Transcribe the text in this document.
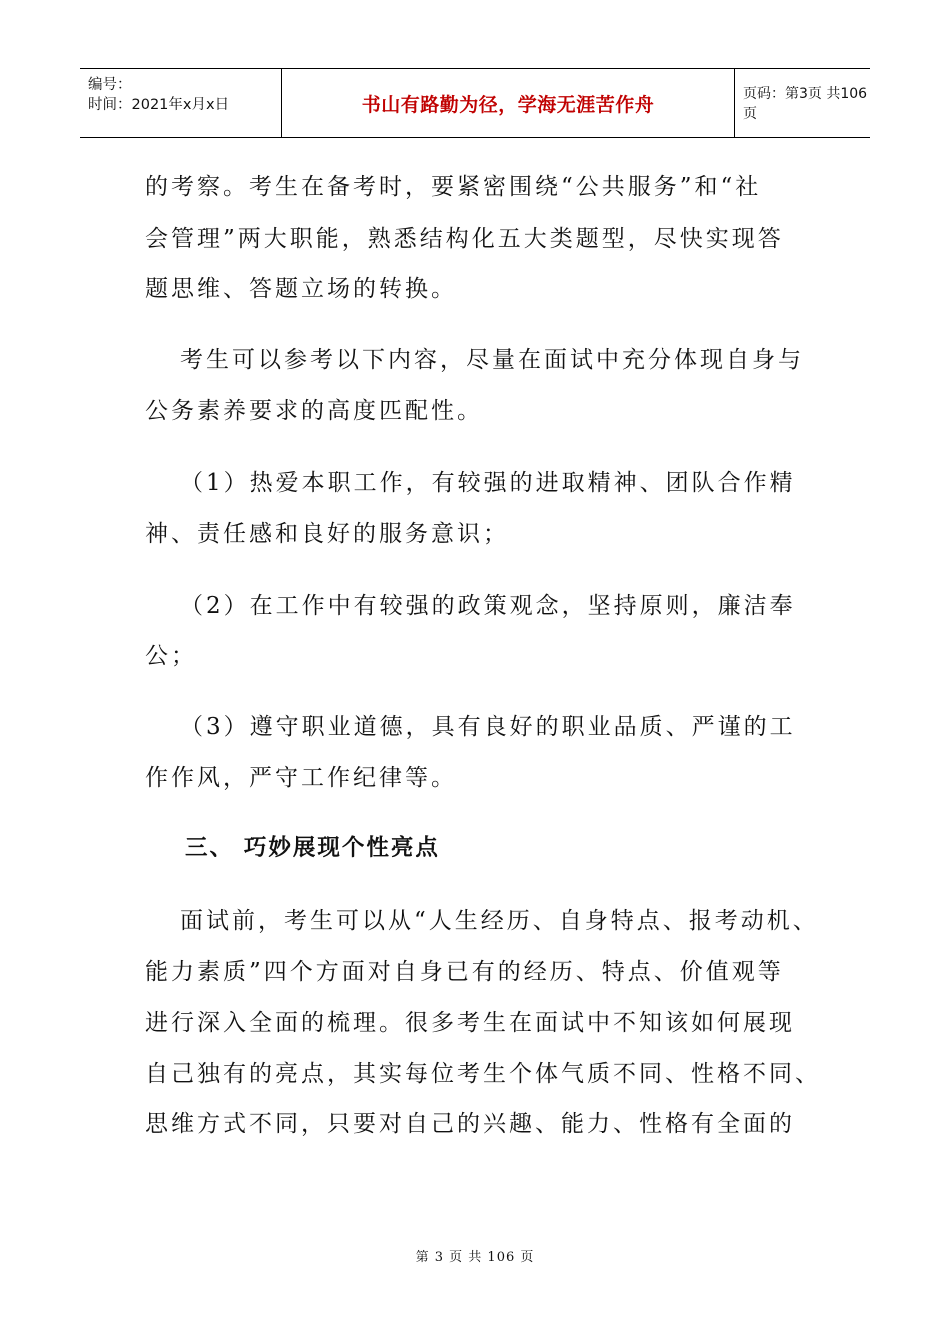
编号：
时间：2021年x月x日	书山有路勤为径，学海无涯苦作舟	页码：第3页 共106页
的考察。考生在备考时，要紧密围绕“公共服务”和“社
会管理”两大职能，熟悉结构化五大类题型，尽快实现答
题思维、答题立场的转换。
考生可以参考以下内容，尽量在面试中充分体现自身与
公务素养要求的高度匹配性。
（1）热爱本职工作，有较强的进取精神、团队合作精
神、责任感和良好的服务意识；
（2）在工作中有较强的政策观念，坚持原则，廉洁奉
公；
（3）遵守职业道德，具有良好的职业品质、严谨的工
作作风，严守工作纪律等。
三、 巧妙展现个性亮点
面试前，考生可以从“人生经历、自身特点、报考动机、
能力素质”四个方面对自身已有的经历、特点、价值观等
进行深入全面的梳理。很多考生在面试中不知该如何展现
自己独有的亮点，其实每位考生个体气质不同、性格不同、
思维方式不同，只要对自己的兴趣、能力、性格有全面的
第 3 页 共 106 页
